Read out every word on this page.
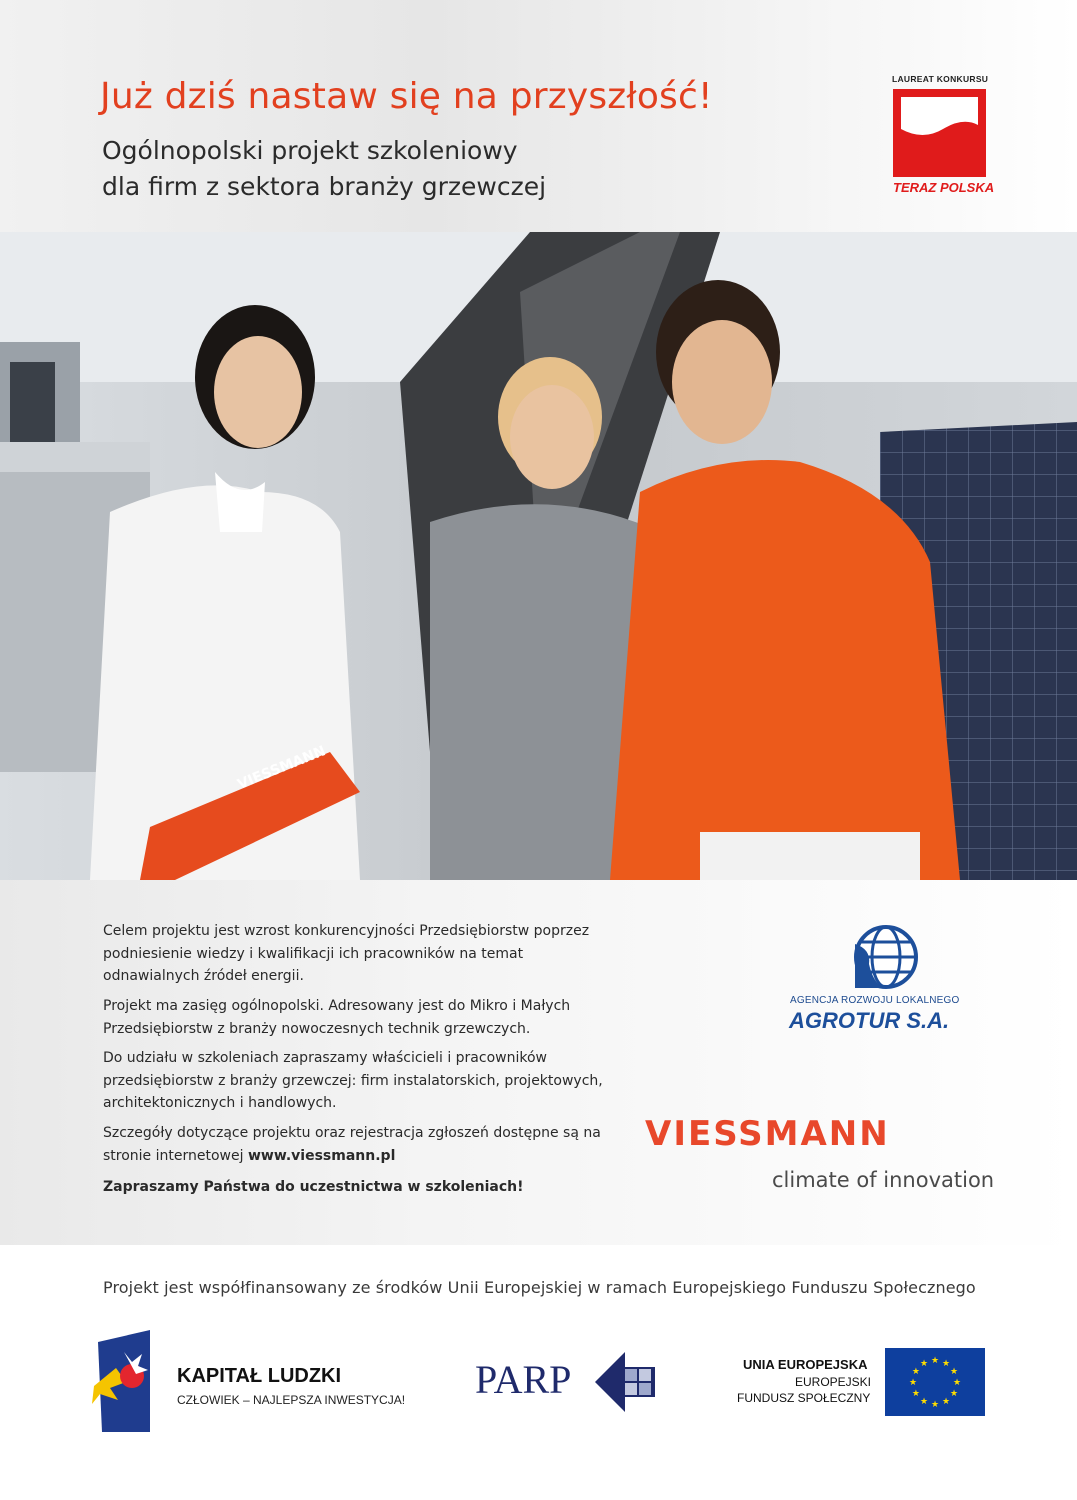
Już dziś nastaw się na przyszłość!
Ogólnopolski projekt szkoleniowy
dla firm z sektora branży grzewczej
LAUREAT KONKURSU
TERAZ POLSKA
VIESSMANN
Celem projektu jest wzrost konkurencyjności Przedsiębiorstw poprzez podniesienie wiedzy i kwalifikacji ich pracowników na temat odnawialnych źródeł energii.
Projekt ma zasięg ogólnopolski. Adresowany jest do Mikro i Małych Przedsiębiorstw z branży nowoczesnych technik grzewczych.
Do udziału w szkoleniach zapraszamy właścicieli i pracowników przedsiębiorstw z branży grzewczej: firm instalatorskich, projektowych, architektonicznych i handlowych.
Szczegóły dotyczące projektu oraz rejestracja zgłoszeń dostępne są na stronie internetowej www.viessmann.pl
Zapraszamy Państwa do uczestnictwa w szkoleniach!
AGENCJA ROZWOJU LOKALNEGO
AGROTUR S.A.
VIESSMANN
climate of innovation
Projekt jest współfinansowany ze środków Unii Europejskiej w ramach Europejskiego Funduszu Społecznego
KAPITAŁ LUDZKI
CZŁOWIEK – NAJLEPSZA INWESTYCJA! PARP	UNIA EUROPEJSKA
EUROPEJSKI
FUNDUSZ SPOŁECZNY
★ ★
★
★
★
★
★
★
★
★
★
★
